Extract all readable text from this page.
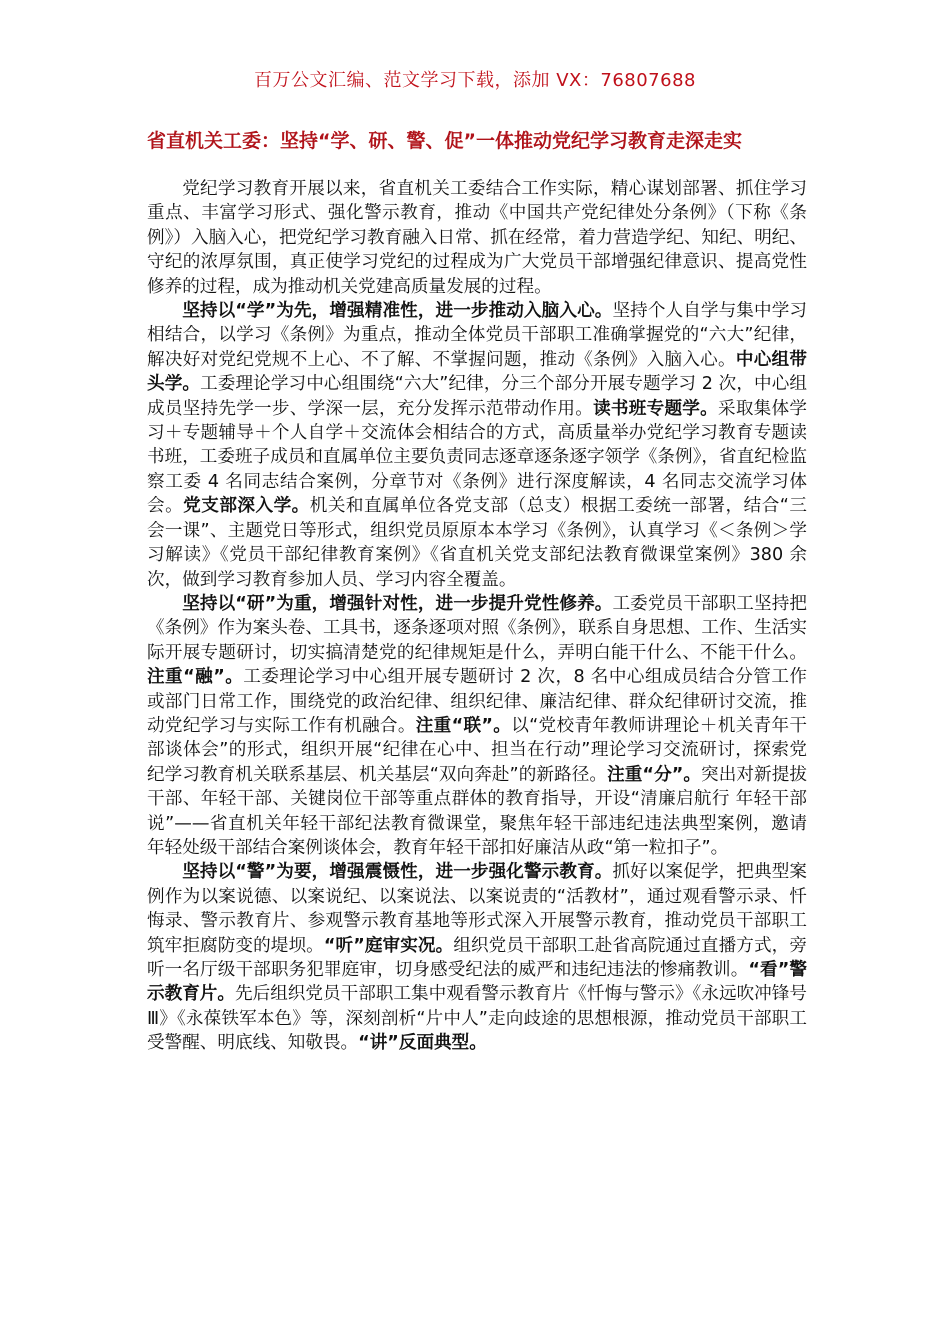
百万公文汇编、范文学习下载，添加 VX：76807688
省直机关工委：坚持“学、研、警、促”一体推动党纪学习教育走深走实

党纪学习教育开展以来，省直机关工委结合工作实际，精心谋划部署、抓住学习重点、丰富学习形式、强化警示教育，推动《中国共产党纪律处分条例》（下称《条例》）入脑入心，把党纪学习教育融入日常、抓在经常，着力营造学纪、知纪、明纪、守纪的浓厚氛围，真正使学习党纪的过程成为广大党员干部增强纪律意识、提高党性修养的过程，成为推动机关党建高质量发展的过程。

坚持以“学”为先，增强精准性，进一步推动入脑入心。坚持个人自学与集中学习相结合，以学习《条例》为重点，推动全体党员干部职工准确掌握党的“六大”纪律，解决好对党纪党规不上心、不了解、不掌握问题，推动《条例》入脑入心。中心组带头学。工委理论学习中心组围绕“六大”纪律，分三个部分开展专题学习 2 次，中心组成员坚持先学一步、学深一层，充分发挥示范带动作用。读书班专题学。采取集体学习＋专题辅导＋个人自学＋交流体会相结合的方式，高质量举办党纪学习教育专题读书班，工委班子成员和直属单位主要负责同志逐章逐条逐字领学《条例》，省直纪检监察工委 4 名同志结合案例，分章节对《条例》进行深度解读，4 名同志交流学习体会。党支部深入学。机关和直属单位各党支部（总支）根据工委统一部署，结合“三会一课”、主题党日等形式，组织党员原原本本学习《条例》，认真学习《＜条例＞学习解读》《党员干部纪律教育案例》《省直机关党支部纪法教育微课堂案例》380 余次，做到学习教育参加人员、学习内容全覆盖。

坚持以“研”为重，增强针对性，进一步提升党性修养。工委党员干部职工坚持把《条例》作为案头卷、工具书，逐条逐项对照《条例》，联系自身思想、工作、生活实际开展专题研讨，切实搞清楚党的纪律规矩是什么，弄明白能干什么、不能干什么。注重“融”。工委理论学习中心组开展专题研讨 2 次，8 名中心组成员结合分管工作或部门日常工作，围绕党的政治纪律、组织纪律、廉洁纪律、群众纪律研讨交流，推动党纪学习与实际工作有机融合。注重“联”。以“党校青年教师讲理论＋机关青年干部谈体会”的形式，组织开展“纪律在心中、担当在行动”理论学习交流研讨，探索党纪学习教育机关联系基层、机关基层“双向奔赴”的新路径。注重“分”。突出对新提拔干部、年轻干部、关键岗位干部等重点群体的教育指导，开设“清廉启航行 年轻干部说”——省直机关年轻干部纪法教育微课堂，聚焦年轻干部违纪违法典型案例，邀请年轻处级干部结合案例谈体会，教育年轻干部扣好廉洁从政“第一粒扣子”。

坚持以“警”为要，增强震慑性，进一步强化警示教育。抓好以案促学，把典型案例作为以案说德、以案说纪、以案说法、以案说责的“活教材”，通过观看警示录、忏悔录、警示教育片、参观警示教育基地等形式深入开展警示教育，推动党员干部职工筑牢拒腐防变的堤坝。“听”庭审实况。组织党员干部职工赴省高院通过直播方式，旁听一名厅级干部职务犯罪庭审，切身感受纪法的威严和违纪违法的惨痛教训。“看”警示教育片。先后组织党员干部职工集中观看警示教育片《忏悔与警示》《永远吹冲锋号Ⅲ》《永葆铁军本色》等，深刻剖析“片中人”走向歧途的思想根源，推动党员干部职工受警醒、明底线、知敬畏。“讲”反面典型。
